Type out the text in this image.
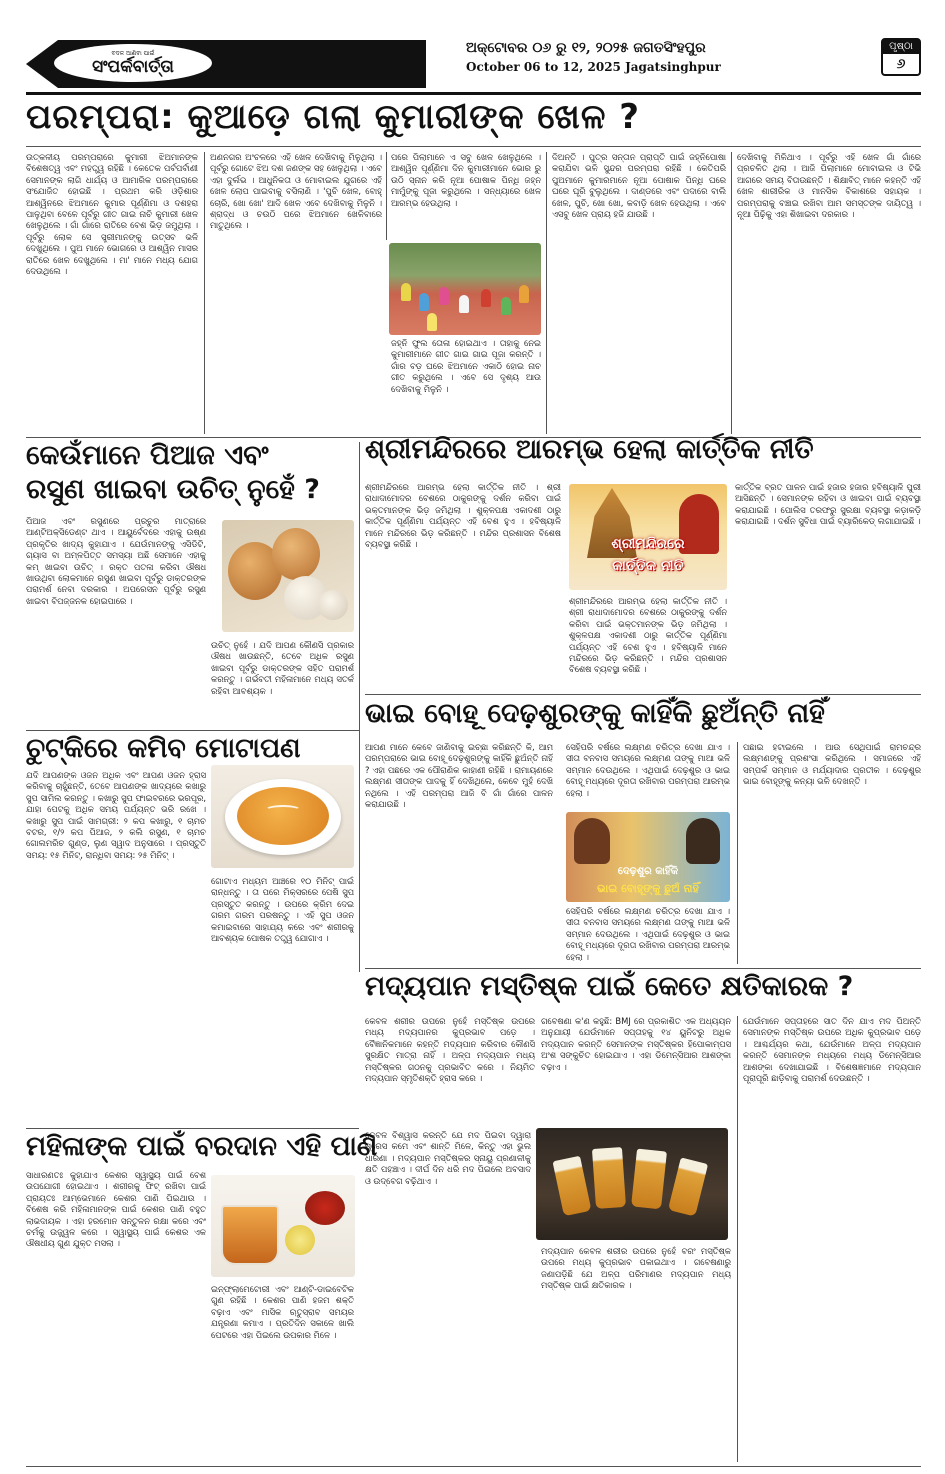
ବଦଳ ଆଣିବା ପାଇଁ
ସଂପର୍କବାର୍ତ୍ତା
ଅକ୍ଟୋବର ୦୬ ରୁ ୧୨, ୨୦୨୫ ଜଗତସିଂହପୁର
October 06 to 12, 2025 Jagatsinghpur
ପୃଷ୍ଠା
୬
ପରମ୍ପରା: କୁଆଡ଼େ ଗଲା କୁମାରୀଙ୍କ ଖେଳ ?
ଉତ୍କଳୀୟ ପରମ୍ପରାରେ କୁମାରୀ ଝିଅମାନଙ୍କ ବିଶେଷତ୍ୱ ଏବଂ ମହତ୍ତ୍ୱ ରହିଛି । କେତେକ ପର୍ବପର୍ବାଣୀ ସେମାନଙ୍କ ଲାଗି ଧାର୍ଯ୍ୟ ଓ ଆମାରିକ ପରମ୍ପରାରେ ସଂଯୋଜିତ ହୋଇଛି । ପ୍ରଥମ କରି ଓଡ଼ିଶାର ଆଶ୍ୱିନରେ ଝିଅମାନେ କୁମାର ପୂର୍ଣ୍ଣିମା ଓ ଦଶହରା ପାଳୁଥିବା ବେଳେ ପୂର୍ବରୁ ଗୀତ ଗାଇ ନାଚି କୁମାରୀ ଖେଳ ଖେଳୁଥିଲେ । ଗାଁ ଗାଁରେ ରାତିରେ ବେଶ ଭିଡ଼ ଜମୁଥିଲା । ପୂର୍ବରୁ ଲୋକ ସେ ସ୍ତ୍ରୀମାନଙ୍କୁ ଉତ୍ସବ ଭଳି ଦେଖୁଥିଲେ । ପୁଅ ମାନେ ଭୋଗରେ ଓ ଆଶ୍ୱିନ ମାସର ରାତିରେ ଖେଳ ଦେଖୁଥିଲେ । ମା' ମାନେ ମଧ୍ୟ ଯୋଗ ଦେଉଥିଲେ ।
ଅଣନଗର ଅଂଚଳରେ ଏହି ଖେଳ ଦେଖିବାକୁ ମିଳୁଥିଲା । ପୂର୍ବରୁ ଗୋଟେ ଝିଅ ଦଶ ଜଣଙ୍କ ସହ ଖେଳୁଥିଲା । ଏବେ ଏହା ଦୁର୍ଲଭ । ଆଧୁନିକତା ଓ ମୋବାଇଲ ଯୁଗରେ ଏହି ଖେଳ ଲୋପ ପାଇବାକୁ ବସିଲାଣି । 'ପୁଚି ଖେଳ, ବୋହୂ ଚୋରି, ଖୋ ଖୋ' ଆଦି ଖେଳ ଏବେ ଦେଖିବାକୁ ମିଳୁନି । ଶ୍ରାଦ୍ଧ ଓ ଚଉଠି ପରେ ଝିଅମାନେ ଖେଳିବାରେ ମାତୁଥିଲେ ।
ପରେ ପିଲାମାନେ ଏ ସବୁ ଖେଳ ଖେଳୁଥିଲେ । ଆଶ୍ୱିନ ପୂର୍ଣ୍ଣିମା ଦିନ କୁମାରୀମାନେ ଭୋର ରୁ ଉଠି ସ୍ନାନ କରି ନୂଆ ପୋଷାକ ପିନ୍ଧି ଜହ୍ନ ମାମୁଁଙ୍କୁ ପୂଜା କରୁଥିଲେ । ସନ୍ଧ୍ୟାରେ ଖେଳ ଆରମ୍ଭ ହେଉଥିଲା ।
ଜହ୍ନି ଫୁଲ ତୋଳା ହୋଇଥାଏ । ତାହାକୁ ନେଇ କୁମାରୀମାନେ ଗୀତ ଗାଇ ଗାଇ ପୂଜା କରନ୍ତି । ଗାଁର ବଡ଼ ଘରେ ଝିଅମାନେ ଏକାଠି ହୋଇ ନାଚ ଗୀତ କରୁଥିଲେ । ଏବେ ସେ ଦୃଶ୍ୟ ଆଉ ଦେଖିବାକୁ ମିଳୁନି ।
ଦିଅନ୍ତି । ପୁତ୍ର ସନ୍ତାନ ପ୍ରାପ୍ତି ପାଇଁ ଜହ୍ନିପୋଷା କରାଯିବା ଭଳି ସୁନ୍ଦର ପରମ୍ପରା ରହିଛି । କେତିପରି ପୁଅମାନେ କୁମାରମାନେ ନୂଆ ପୋଷାକ ପିନ୍ଧି ଘରେ ଘରେ ଘୂରି ବୁଲୁଥିଲେ । ଦାଣ୍ଡରେ ଏବଂ ପଦାରେ ବାଲି ଖେଳ, ପୁଚି, ଖୋ ଖୋ, କବାଡ଼ି ଖେଳ ହେଉଥିଲା । ଏବେ ଏସବୁ ଖେଳ ପ୍ରାୟ ହଜି ଯାଉଛି ।
ଦେଖିବାକୁ ମିଳିଥାଏ । ପୂର୍ବରୁ ଏହି ଖେଳ ଗାଁ ଗାଁରେ ପ୍ରଚଳିତ ଥିଲା । ଆଜି ପିଲାମାନେ ମୋବାଇଲ ଓ ଟିଭି ଆଗରେ ସମୟ ବିତାଉଛନ୍ତି । ଶିକ୍ଷାବିତ୍ ମାନେ କହନ୍ତି ଏହି ଖେଳ ଶାରୀରିକ ଓ ମାନସିକ ବିକାଶରେ ସହାୟକ । ପରମ୍ପରାକୁ ବଞ୍ଚାଇ ରଖିବା ଆମ ସମସ୍ତଙ୍କ ଦାୟିତ୍ୱ । ନୂଆ ପିଢ଼ିକୁ ଏହା ଶିଖାଇବା ଦରକାର ।
କେଉଁମାନେ ପିଆଜ ଏବଂ
ରସୁଣ ଖାଇବା ଉଚିତ୍ ନୁହେଁ ?
ପିଆଜ ଏବଂ ରସୁଣରେ ପ୍ରଚୁର ମାତ୍ରାରେ ଆଣ୍ଟିଅକ୍ସିଡେଣ୍ଟ ଥାଏ । ଆୟୁର୍ବେଦରେ ଏହାକୁ ଉଷ୍ଣ ପ୍ରକୃତିର ଖାଦ୍ୟ କୁହାଯାଏ । ଯେଉଁମାନଙ୍କୁ ଏସିଡିଟି, ଗ୍ୟାସ ବା ଅମ୍ଳପିତ୍ତ ସମସ୍ୟା ଅଛି ସେମାନେ ଏହାକୁ କମ୍ ଖାଇବା ଉଚିତ୍ । ରକ୍ତ ପତଳା କରିବା ଔଷଧ ଖାଉଥିବା ଲୋକମାନେ ରସୁଣ ଖାଇବା ପୂର୍ବରୁ ଡାକ୍ତରଙ୍କ ପରାମର୍ଶ ନେବା ଦରକାର । ଅପରେସନ ପୂର୍ବରୁ ରସୁଣ ଖାଇବା ବିପଜ୍ଜନକ ହୋଇପାରେ ।
ଉଚିତ୍ ନୁହେଁ । ଯଦି ଆପଣ କୌଣସି ପ୍ରକାର ଔଷଧ ଖାଉଛନ୍ତି, ତେବେ ଅଧିକ ରସୁଣ ଖାଇବା ପୂର୍ବରୁ ଡାକ୍ତରଙ୍କ ସହିତ ପରାମର୍ଶ କରନ୍ତୁ । ଗର୍ଭବତୀ ମହିଳାମାନେ ମଧ୍ୟ ସତର୍କ ରହିବା ଆବଶ୍ୟକ ।
ଶ୍ରୀମନ୍ଦିରରେ ଆରମ୍ଭ ହେଲା କାର୍ତ୍ତିକ ନୀତି
ଶ୍ରୀମନ୍ଦିରରେ ଆରମ୍ଭ ହେଲା କାର୍ତ୍ତିକ ନୀତି । ଶ୍ରୀ ରାଧାଦାମୋଦର ବେଶରେ ଠାକୁରଙ୍କୁ ଦର୍ଶନ କରିବା ପାଇଁ ଭକ୍ତମାନଙ୍କ ଭିଡ଼ ଜମିଥିଲା । ଶୁକ୍ଳପକ୍ଷ ଏକାଦଶୀ ଠାରୁ କାର୍ତ୍ତିକ ପୂର୍ଣ୍ଣିମା ପର୍ଯ୍ୟନ୍ତ ଏହି ବେଶ ହୁଏ । ହବିଷ୍ୟାଳି ମାନେ ମନ୍ଦିରରେ ଭିଡ଼ କରିଛନ୍ତି । ମନ୍ଦିର ପ୍ରଶାସନ ବିଶେଷ ବ୍ୟବସ୍ଥା କରିଛି ।	ଶ୍ରୀମନ୍ଦିରରେ
କାର୍ତ୍ତିକ ନୀତି
କାର୍ତ୍ତିକ ବ୍ରତ ପାଳନ ପାଇଁ ହଜାର ହଜାର ହବିଷ୍ୟାଳି ପୁରୀ ଆସିଛନ୍ତି । ସେମାନଙ୍କ ରହିବା ଓ ଖାଇବା ପାଇଁ ବ୍ୟବସ୍ଥା କରାଯାଇଛି । ପୋଲିସ ତରଫରୁ ସୁରକ୍ଷା ବ୍ୟବସ୍ଥା କଡ଼ାକଡ଼ି କରାଯାଇଛି । ଦର୍ଶନ ସୁବିଧା ପାଇଁ ବ୍ୟାରିକେଡ୍ ଲଗାଯାଇଛି ।
ଶ୍ରୀମନ୍ଦିରରେ ଆରମ୍ଭ ହେଲା କାର୍ତ୍ତିକ ନୀତି । ଶ୍ରୀ ରାଧାଦାମୋଦର ବେଶରେ ଠାକୁରଙ୍କୁ ଦର୍ଶନ କରିବା ପାଇଁ ଭକ୍ତମାନଙ୍କ ଭିଡ଼ ଜମିଥିଲା । ଶୁକ୍ଳପକ୍ଷ ଏକାଦଶୀ ଠାରୁ କାର୍ତ୍ତିକ ପୂର୍ଣ୍ଣିମା ପର୍ଯ୍ୟନ୍ତ ଏହି ବେଶ ହୁଏ । ହବିଷ୍ୟାଳି ମାନେ ମନ୍ଦିରରେ ଭିଡ଼ କରିଛନ୍ତି । ମନ୍ଦିର ପ୍ରଶାସନ ବିଶେଷ ବ୍ୟବସ୍ଥା କରିଛି ।
ଭାଇ ବୋହୂ ଦେଢ଼ଶୁରଙ୍କୁ କାହିଁକି ଛୁଅଁନ୍ତି ନାହିଁ
ଆପଣ ମାନେ କେବେ ଜାଣିବାକୁ ଇଚ୍ଛା କରିଛନ୍ତି କି, ଆମ ପରମ୍ପରାରେ ଭାଇ ବୋହୂ ଦେଢ଼ଶୁରଙ୍କୁ କାହିଁକି ଛୁଅଁନ୍ତି ନାହିଁ ? ଏହା ପଛରେ ଏକ ପୌରାଣିକ କାହାଣୀ ରହିଛି । ରାମାୟଣରେ ଲକ୍ଷ୍ମଣ ସୀତାଙ୍କ ପାଦକୁ ହିଁ ଦେଖିଥିଲେ, କେବେ ମୁହଁ ଦେଖି ନଥିଲେ । ଏହି ପରମ୍ପରା ଆଜି ବି ଗାଁ ଗାଁରେ ପାଳନ କରାଯାଉଛି ।
ସେହିପରି ବର୍ଷରେ ଲକ୍ଷ୍ମଣ ଚରିତ୍ର ଦେଖା ଯାଏ । ସୀତା ବନବାସ ସମୟରେ ଲକ୍ଷ୍ମଣ ତାଙ୍କୁ ମାଆ ଭଳି ସମ୍ମାନ ଦେଉଥିଲେ । ଏଥିପାଇଁ ଦେଢ଼ଶୁର ଓ ଭାଇ ବୋହୂ ମଧ୍ୟରେ ଦୂରତା ରଖିବାର ପରମ୍ପରା ଆରମ୍ଭ ହେଲା ।
ଦେଢ଼ଶୁର କାହିଁକି
ଭାଇ ବୋହୂଙ୍କୁ ଛୁଅଁ ନାହିଁ
ସେହିପରି ବର୍ଷରେ ଲକ୍ଷ୍ମଣ ଚରିତ୍ର ଦେଖା ଯାଏ । ସୀତା ବନବାସ ସମୟରେ ଲକ୍ଷ୍ମଣ ତାଙ୍କୁ ମାଆ ଭଳି ସମ୍ମାନ ଦେଉଥିଲେ । ଏଥିପାଇଁ ଦେଢ଼ଶୁର ଓ ଭାଇ ବୋହୂ ମଧ୍ୟରେ ଦୂରତା ରଖିବାର ପରମ୍ପରା ଆରମ୍ଭ ହେଲା ।
ପଛାଇ ହଟାଇଲେ । ଆଉ ସେଥିପାଇଁ ରାମଚନ୍ଦ୍ର ଲକ୍ଷ୍ମଣଙ୍କୁ ପ୍ରଶଂସା କରିଥିଲେ । ସମାଜରେ ଏହି ସମ୍ପର୍କ ସମ୍ମାନ ଓ ମର୍ଯ୍ୟାଦାର ପ୍ରତୀକ । ଦେଢ଼ଶୁର ଭାଇ ବୋହୂଙ୍କୁ କନ୍ୟା ଭଳି ଦେଖନ୍ତି ।
ଚୁଟ୍‌କିରେ କମିବ ମୋଟାପଣ
ଯଦି ଆପଣଙ୍କ ଓଜନ ଅଧିକ ଏବଂ ଆପଣ ଓଜନ ହ୍ରାସ କରିବାକୁ ଚାହୁଁଛନ୍ତି, ତେବେ ଆପଣଙ୍କ ଖାଦ୍ୟରେ କଖାରୁ ସୁପ ସାମିଲ କରନ୍ତୁ । କଖାରୁ ସୁପ ଫାଇବରରେ ଭରପୂର, ଯାହା ପେଟକୁ ଅଧିକ ସମୟ ପର୍ଯ୍ୟନ୍ତ ଭରି ରଖେ । କଖାରୁ ସୁପ ପାଇଁ ସାମଗ୍ରୀ: ୨ କପ କଖାରୁ, ୧ ଚାମଚ ବଟର, ୧/୨ କପ ପିଆଜ, ୨ କଲି ରସୁଣ, ୧ ଚାମଚ ଗୋଲମରିଚ ଗୁଣ୍ଡ, ଲୁଣ ସ୍ୱାଦ ଅନୁସାରେ । ପ୍ରସ୍ତୁତି ସମୟ: ୧୫ ମିନିଟ୍, ରାନ୍ଧିବା ସମୟ: ୨୫ ମିନିଟ୍ ।
ଗୋଟାଏ ମଧ୍ୟମ ଆଞ୍ଚରେ ୧୦ ମିନିଟ୍ ପାଇଁ ରାନ୍ଧନ୍ତୁ । ତା ପରେ ମିକ୍ସରରେ ପେଷି ସୁପ ପ୍ରସ୍ତୁତ କରନ୍ତୁ । ଉପରେ କ୍ରିମ ଦେଇ ଗରମ ଗରମ ପରଷନ୍ତୁ । ଏହି ସୁପ ଓଜନ କମାଇବାରେ ସାହାଯ୍ୟ କରେ ଏବଂ ଶରୀରକୁ ଆବଶ୍ୟକ ପୋଷକ ତତ୍ତ୍ୱ ଯୋଗାଏ ।
ମଦ୍ୟପାନ ମସ୍ତିଷ୍କ ପାଇଁ କେତେ କ୍ଷତିକାରକ ?
କେବଳ ଶରୀର ଉପରେ ନୁହେଁ ମସ୍ତିଷ୍କ ଉପରେ ମଧ୍ୟ ମଦ୍ୟପାନର କୁପ୍ରଭାବ ପଡ଼େ । ବୈଜ୍ଞାନିକମାନେ କହନ୍ତି ମଦ୍ୟପାନ କରିବାର କୌଣସି ସୁରକ୍ଷିତ ମାତ୍ରା ନାହିଁ । ଅଳ୍ପ ମଦ୍ୟପାନ ମଧ୍ୟ ମସ୍ତିଷ୍କର ଗଠନକୁ ପ୍ରଭାବିତ କରେ । ନିୟମିତ ମଦ୍ୟପାନ ସ୍ମୃତିଶକ୍ତି ହ୍ରାସ କରେ ।
ଗବେଷଣା କ'ଣ କହୁଛି: BMJ ରେ ପ୍ରକାଶିତ ଏକ ଅଧ୍ୟୟନ ଅନୁଯାୟୀ ଯେଉଁମାନେ ସପ୍ତାହକୁ ୧୪ ୟୁନିଟରୁ ଅଧିକ ମଦ୍ୟପାନ କରନ୍ତି ସେମାନଙ୍କ ମସ୍ତିଷ୍କର ହିପୋକାମ୍ପସ ଅଂଶ ସଙ୍କୁଚିତ ହୋଇଯାଏ । ଏହା ଡିମେନ୍ସିଆର ଆଶଙ୍କା ବଢ଼ାଏ ।
ଯେଉଁମାନେ ସପ୍ତାହରେ ସାତ ଦିନ ଯାଏ ମଦ ପିଅନ୍ତି ସେମାନଙ୍କ ମସ୍ତିଷ୍କ ଉପରେ ଅଧିକ କୁପ୍ରଭାବ ପଡ଼େ । ଆଶ୍ଚର୍ଯ୍ୟର କଥା, ଯେଉଁମାନେ ଅଳ୍ପ ମଦ୍ୟପାନ କରନ୍ତି ସେମାନଙ୍କ ମଧ୍ୟରେ ମଧ୍ୟ ଡିମେନ୍ସିଆର ଆଶଙ୍କା ଦେଖାଯାଇଛି । ବିଶେଷଜ୍ଞମାନେ ମଦ୍ୟପାନ ପୂରାପୂରି ଛାଡ଼ିବାକୁ ପରାମର୍ଶ ଦେଉଛନ୍ତି ।
କେବଳ ବିଶ୍ୱାସ କରନ୍ତି ଯେ ମଦ ପିଇବା ଦ୍ୱାରା ଷ୍ଟ୍ରେସ କମେ ଏବଂ ଶାନ୍ତି ମିଳେ, କିନ୍ତୁ ଏହା ଭୁଲ ଧାରଣା । ମଦ୍ୟପାନ ମସ୍ତିଷ୍କର ସ୍ନାୟୁ ପ୍ରଣାଳୀକୁ କ୍ଷତି ପହଞ୍ଚାଏ । ଦୀର୍ଘ ଦିନ ଧରି ମଦ ପିଇଲେ ଅବସାଦ ଓ ଉଦ୍‌ବେଗ ବଢ଼ିଥାଏ ।
ମଦ୍ୟପାନ କେବଳ ଶରୀର ଉପରେ ନୁହେଁ ବରଂ ମସ୍ତିଷ୍କ ଉପରେ ମଧ୍ୟ କୁପ୍ରଭାବ ପକାଇଥାଏ । ଗବେଷଣାରୁ ଜଣାପଡ଼ିଛି ଯେ ଅଳ୍ପ ପରିମାଣର ମଦ୍ୟପାନ ମଧ୍ୟ ମସ୍ତିଷ୍କ ପାଇଁ କ୍ଷତିକାରକ ।
ମହିଳାଙ୍କ ପାଇଁ ବରଦାନ ଏହି ପାଣି
ସାଧାରଣତଃ କୁହାଯାଏ କେଶର ସ୍ୱାସ୍ଥ୍ୟ ପାଇଁ ବେଶ ଉପଯୋଗୀ ହୋଇଥାଏ । ଶରୀରକୁ ଫିଟ୍ ରଖିବା ପାଇଁ ପ୍ରାୟତଃ ଆମ୍ଭେମାନେ କେଶର ପାଣି ପିଇଥାଉ । ବିଶେଷ କରି ମହିଳାମାନଙ୍କ ପାଇଁ କେଶର ପାଣି ବହୁତ ଲାଭଦାୟକ । ଏହା ହରମୋନ ସନ୍ତୁଳନ ରକ୍ଷା କରେ ଏବଂ ଚର୍ମକୁ ଉଜ୍ଜ୍ୱଳ କରେ । ସ୍ୱାସ୍ଥ୍ୟ ପାଇଁ କେଶର ଏକ ଔଷଧୀୟ ଗୁଣ ଯୁକ୍ତ ମସଲା ।
ଇନ୍‌ଫ୍ଲାମେଟୋରୀ ଏବଂ ଆଣ୍ଟି-ଡାଇବେଟିକ ଗୁଣ ରହିଛି । କେଶର ପାଣି ହଜମ ଶକ୍ତି ବଢ଼ାଏ ଏବଂ ମାସିକ ଋତୁସ୍ରାବ ସମୟର ଯନ୍ତ୍ରଣା କମାଏ । ପ୍ରତିଦିନ ସକାଳେ ଖାଲି ପେଟରେ ଏହା ପିଇଲେ ଉପକାର ମିଳେ ।
